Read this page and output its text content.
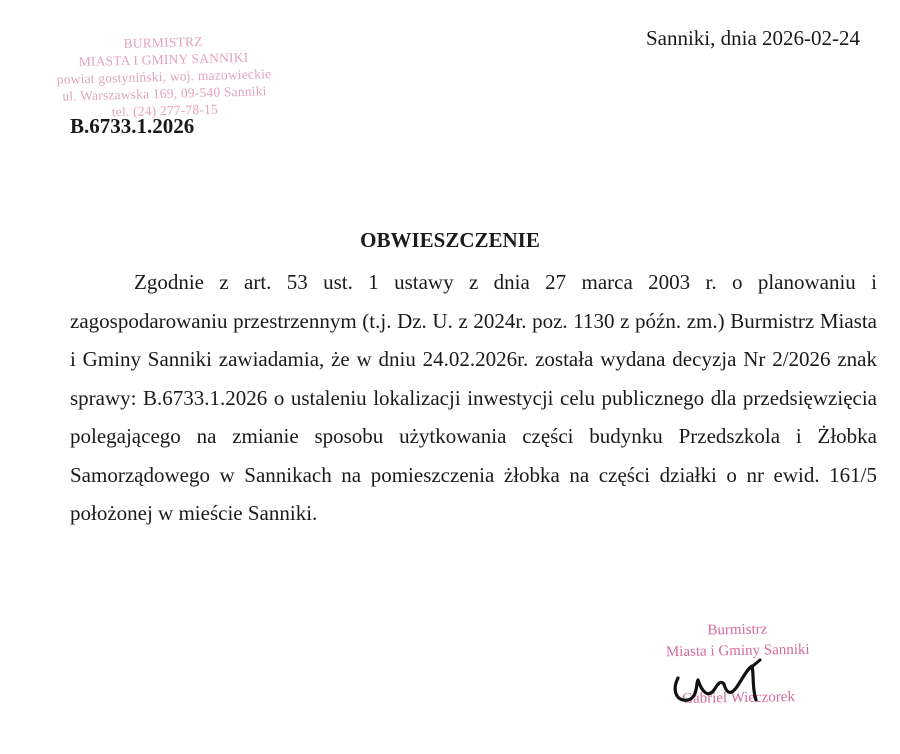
BURMISTRZ
MIASTA I GMINY SANNIKI
powiat gostyniński, woj. mazowieckie
ul. Warszawska 169, 09-540 Sanniki
tel. (24) 277-78-15
Sanniki, dnia 2026-02-24
B.6733.1.2026
OBWIESZCZENIE
Zgodnie z art. 53 ust. 1 ustawy z dnia 27 marca 2003 r. o planowaniu i zagospodarowaniu przestrzennym (t.j. Dz. U. z 2024r. poz. 1130 z późn. zm.) Burmistrz Miasta i Gminy Sanniki zawiadamia, że w dniu 24.02.2026r. została wydana decyzja Nr 2/2026 znak sprawy: B.6733.1.2026 o ustaleniu lokalizacji inwestycji celu publicznego dla przedsięwzięcia polegającego na zmianie sposobu użytkowania części budynku Przedszkola i Żłobka Samorządowego w Sannikach na pomieszczenia żłobka na części działki o nr ewid. 161/5 położonej w mieście Sanniki.
Burmistrz
Miasta i Gminy Sanniki
Gabriel Wieczorek
